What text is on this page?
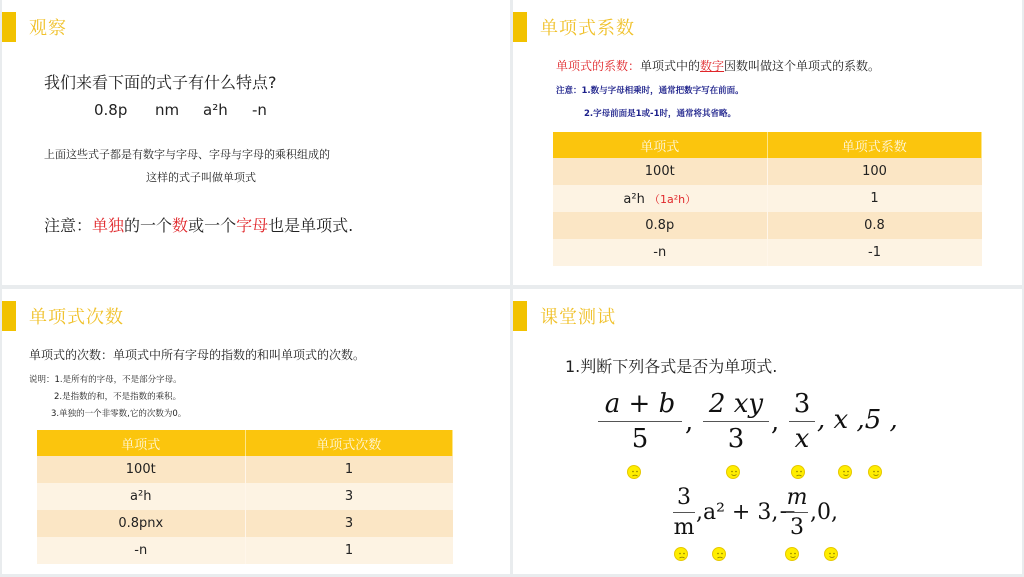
观察
我们来看下面的式子有什么特点?
0.8p nm a²h -n
上面这些式子都是有数字与字母、字母与字母的乘积组成的
这样的式子叫做单项式
注意：单独的一个数或一个字母也是单项式.
单项式系数
单项式的系数：单项式中的数字因数叫做这个单项式的系数。
注意：1.数与字母相乘时，通常把数字写在前面。
2.字母前面是1或-1时，通常将其省略。
单项式	单项式系数
100t	100
a²h （1a²h）	1
0.8p	0.8
-n	-1
单项式次数
单项式的次数：单项式中所有字母的指数的和叫单项式的次数。
说明：1.是所有的字母，不是部分字母。
2.是指数的和，不是指数的乘积。
3.单独的一个非零数,它的次数为0。
单项式	单项式次数
100t	1
a²h	3
0.8pnx	3
-n	1
课堂测试
1.判断下列各式是否为单项式.
a + b
5
,
2 xy
3
,
3
x
, x ,5 ,
3
m
,a² + 3,−
m
3
,0,
